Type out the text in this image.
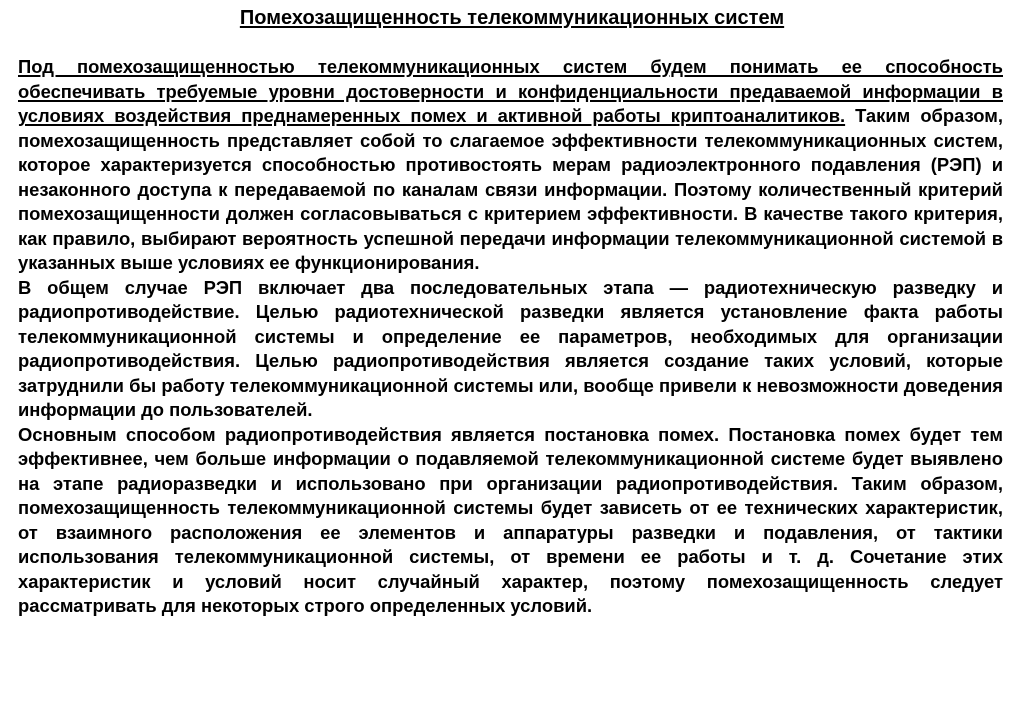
Помехозащищенность телекоммуникационных систем

Под помехозащищенностью телекоммуникационных систем будем понимать ее способность обеспечивать требуемые уровни достоверности и конфиденциальности предаваемой информации в условиях воздействия преднамеренных помех и активной работы криптоаналитиков. Таким образом, помехозащищенность представляет собой то слагаемое эффективности телекоммуникационных систем, которое характеризуется способностью противостоять мерам радиоэлектронного подавления (РЭП) и незаконного доступа к передаваемой по каналам связи информации. Поэтому количественный критерий помехозащищенности должен согласовываться с критерием эффективности. В качестве такого критерия, как правило, выбирают вероятность успешной передачи информации телекоммуникационной системой в указанных выше условиях ее функционирования.

В общем случае РЭП включает два последовательных этапа — радиотехническую разведку и радиопротиводействие. Целью радиотехнической разведки является установление факта работы телекоммуникационной системы и определение ее параметров, необходимых для организации радиопротиводействия. Целью радиопротиводействия является создание таких условий, которые затруднили бы работу телекоммуникационной системы или, вообще привели к невозможности доведения информации до пользователей.

Основным способом радиопротиводействия является постановка помех. Постановка помех будет тем эффективнее, чем больше информации о подавляемой телекоммуникационной системе будет выявлено на этапе радиоразведки и использовано при организации радиопротиводействия. Таким образом, помехозащищенность телекоммуникационной системы будет зависеть от ее технических характеристик, от взаимного расположения ее элементов и аппаратуры разведки и подавления, от тактики использования телекоммуникационной системы, от времени ее работы и т. д. Сочетание этих характеристик и условий носит случайный характер, поэтому помехозащищенность следует рассматривать для некоторых строго определенных условий.
